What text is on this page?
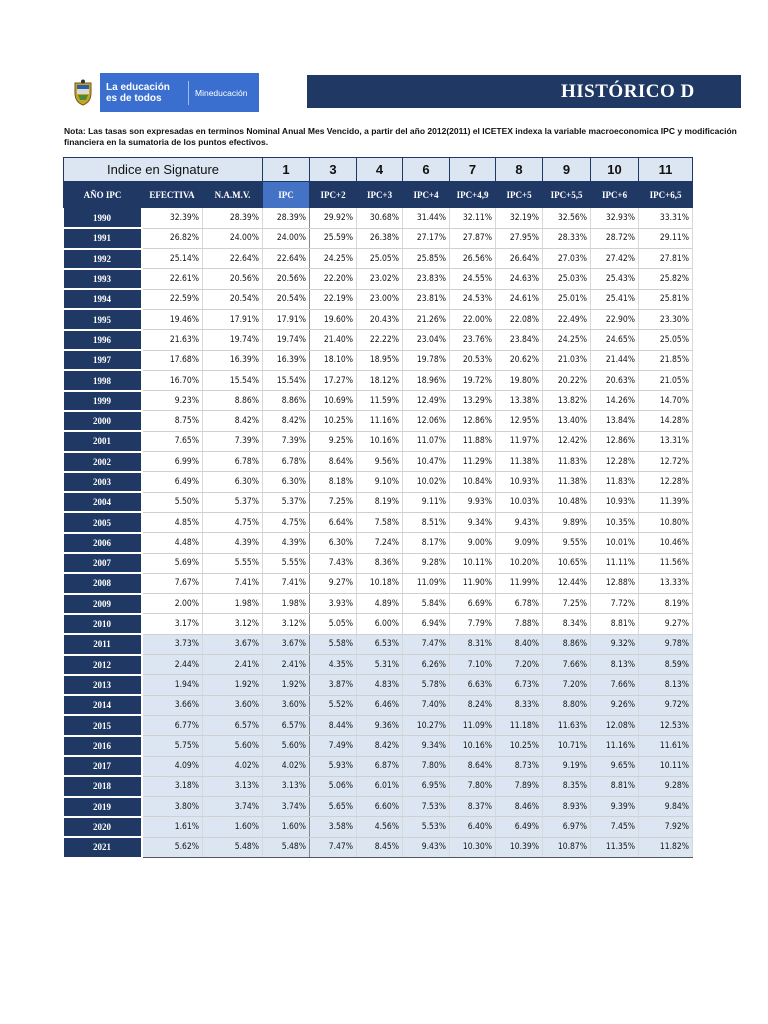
La educación
es de todos	Mineducación	HISTÓRICO D
Nota: Las tasas son expresadas en terminos Nominal Anual Mes Vencido, a partir del año 2012(2011) el ICETEX indexa la variable macroeconomica IPC y modificación financiera en la sumatoria de los puntos efectivos.
Indice en Signature			1	3	4	6	7	8	9	10	11
AÑO IPC	EFECTIVA	N.A.M.V.	IPC	IPC+2	IPC+3	IPC+4	IPC+4,9	IPC+5	IPC+5,5	IPC+6	IPC+6,5
1990	32.39%	28.39%	28.39%	29.92%	30.68%	31.44%	32.11%	32.19%	32.56%	32.93%	33.31%
1991	26.82%	24.00%	24.00%	25.59%	26.38%	27.17%	27.87%	27.95%	28.33%	28.72%	29.11%
1992	25.14%	22.64%	22.64%	24.25%	25.05%	25.85%	26.56%	26.64%	27.03%	27.42%	27.81%
1993	22.61%	20.56%	20.56%	22.20%	23.02%	23.83%	24.55%	24.63%	25.03%	25.43%	25.82%
1994	22.59%	20.54%	20.54%	22.19%	23.00%	23.81%	24.53%	24.61%	25.01%	25.41%	25.81%
1995	19.46%	17.91%	17.91%	19.60%	20.43%	21.26%	22.00%	22.08%	22.49%	22.90%	23.30%
1996	21.63%	19.74%	19.74%	21.40%	22.22%	23.04%	23.76%	23.84%	24.25%	24.65%	25.05%
1997	17.68%	16.39%	16.39%	18.10%	18.95%	19.78%	20.53%	20.62%	21.03%	21.44%	21.85%
1998	16.70%	15.54%	15.54%	17.27%	18.12%	18.96%	19.72%	19.80%	20.22%	20.63%	21.05%
1999	9.23%	8.86%	8.86%	10.69%	11.59%	12.49%	13.29%	13.38%	13.82%	14.26%	14.70%
2000	8.75%	8.42%	8.42%	10.25%	11.16%	12.06%	12.86%	12.95%	13.40%	13.84%	14.28%
2001	7.65%	7.39%	7.39%	9.25%	10.16%	11.07%	11.88%	11.97%	12.42%	12.86%	13.31%
2002	6.99%	6.78%	6.78%	8.64%	9.56%	10.47%	11.29%	11.38%	11.83%	12.28%	12.72%
2003	6.49%	6.30%	6.30%	8.18%	9.10%	10.02%	10.84%	10.93%	11.38%	11.83%	12.28%
2004	5.50%	5.37%	5.37%	7.25%	8.19%	9.11%	9.93%	10.03%	10.48%	10.93%	11.39%
2005	4.85%	4.75%	4.75%	6.64%	7.58%	8.51%	9.34%	9.43%	9.89%	10.35%	10.80%
2006	4.48%	4.39%	4.39%	6.30%	7.24%	8.17%	9.00%	9.09%	9.55%	10.01%	10.46%
2007	5.69%	5.55%	5.55%	7.43%	8.36%	9.28%	10.11%	10.20%	10.65%	11.11%	11.56%
2008	7.67%	7.41%	7.41%	9.27%	10.18%	11.09%	11.90%	11.99%	12.44%	12.88%	13.33%
2009	2.00%	1.98%	1.98%	3.93%	4.89%	5.84%	6.69%	6.78%	7.25%	7.72%	8.19%
2010	3.17%	3.12%	3.12%	5.05%	6.00%	6.94%	7.79%	7.88%	8.34%	8.81%	9.27%
2011	3.73%	3.67%	3.67%	5.58%	6.53%	7.47%	8.31%	8.40%	8.86%	9.32%	9.78%
2012	2.44%	2.41%	2.41%	4.35%	5.31%	6.26%	7.10%	7.20%	7.66%	8.13%	8.59%
2013	1.94%	1.92%	1.92%	3.87%	4.83%	5.78%	6.63%	6.73%	7.20%	7.66%	8.13%
2014	3.66%	3.60%	3.60%	5.52%	6.46%	7.40%	8.24%	8.33%	8.80%	9.26%	9.72%
2015	6.77%	6.57%	6.57%	8.44%	9.36%	10.27%	11.09%	11.18%	11.63%	12.08%	12.53%
2016	5.75%	5.60%	5.60%	7.49%	8.42%	9.34%	10.16%	10.25%	10.71%	11.16%	11.61%
2017	4.09%	4.02%	4.02%	5.93%	6.87%	7.80%	8.64%	8.73%	9.19%	9.65%	10.11%
2018	3.18%	3.13%	3.13%	5.06%	6.01%	6.95%	7.80%	7.89%	8.35%	8.81%	9.28%
2019	3.80%	3.74%	3.74%	5.65%	6.60%	7.53%	8.37%	8.46%	8.93%	9.39%	9.84%
2020	1.61%	1.60%	1.60%	3.58%	4.56%	5.53%	6.40%	6.49%	6.97%	7.45%	7.92%
2021	5.62%	5.48%	5.48%	7.47%	8.45%	9.43%	10.30%	10.39%	10.87%	11.35%	11.82%
